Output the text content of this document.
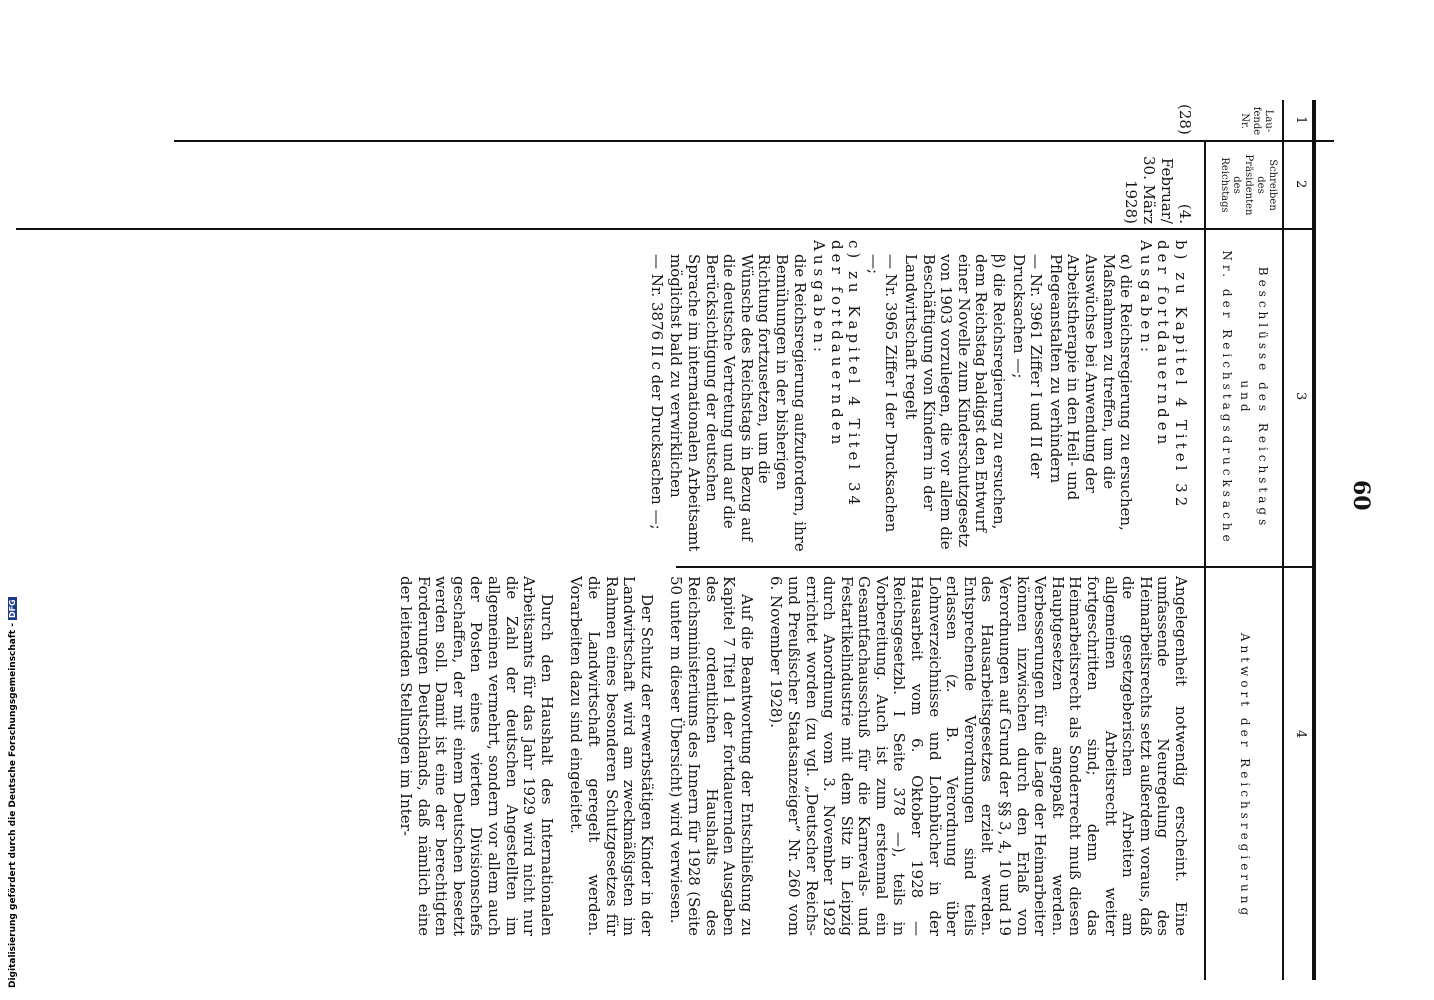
60
1
2
3
4
Lau-
fende
Nr.
Schreiben
des
Präsidenten
des
Reichstags
Beschlüsse des Reichstags
und
Nr. der Reichstagsdrucksache
Antwort der Reichsregierung
(28)
(4. Februar/
30. März
1928)

b) zu Kapitel 4 Titel 32 der fortdauernden Ausgaben:

α) die Reichsregierung zu ersuchen, Maßnahmen zu treffen, um die Auswüchse bei Anwendung der Arbeitstherapie in den Heil- und Pflegeanstalten zu verhindern

— Nr. 3961 Ziffer I und II der Drucksachen —;

β) die Reichsregierung zu ersuchen, dem Reichstag baldigst den Entwurf einer Novelle zum Kinderschutzgesetz von 1903 vorzulegen, die vor allem die Beschäftigung von Kindern in der Landwirtschaft regelt

— Nr. 3965 Ziffer I der Drucksachen —;

c) zu Kapitel 4 Titel 34 der fortdauernden Ausgaben:

die Reichsregierung aufzufordern, ihre Bemühungen in der bisherigen Richtung fortzusetzen, um die Wünsche des Reichstags in Bezug auf die deutsche Vertretung und auf die Berücksichtigung der deutschen Sprache im internationalen Arbeitsamt möglichst bald zu verwirklichen

— Nr. 3876 II c der Drucksachen —;

Angelegenheit notwendig erscheint. Eine umfassende Neuregelung des Heimarbeitsrechts setzt außerdem voraus, daß die gesetzgeberischen Arbeiten am allgemeinen Arbeitsrecht weiter fortgeschritten sind; denn das Heimarbeitsrecht als Sonderrecht muß diesen Hauptgesetzen angepaßt werden. Verbesserungen für die Lage der Heimarbeiter können inzwischen durch den Erlaß von Verordnungen auf Grund der §§ 3, 4, 10 und 19 des Hausarbeitsgesetzes erzielt werden. Entsprechende Verordnungen sind teils erlassen (z. B. Verordnung über Lohnverzeichnisse und Lohnbücher in der Hausarbeit vom 6. Oktober 1928 — Reichsgesetzbl. I Seite 378 —), teils in Vorbereitung. Auch ist zum erstenmal ein Gesamtfachausschuß für die Karnevals- und Festartikelindustrie mit dem Sitz in Leipzig durch Anordnung vom 3. November 1928 errichtet worden (zu vgl. „Deutscher Reichs- und Preußischer Staatsanzeiger“ Nr. 260 vom 6. November 1928).

Auf die Beantwortung der Entschließung zu Kapitel 7 Titel 1 der fortdauernden Ausgaben des ordentlichen Haushalts des Reichsministeriums des Innern für 1928 (Seite 50 unter m dieser Übersicht) wird verwiesen.

Der Schutz der erwerbstätigen Kinder in der Landwirtschaft wird am zweckmäßigsten im Rahmen eines besonderen Schutzgesetzes für die Landwirtschaft geregelt werden. Vorarbeiten dazu sind eingeleitet.

Durch den Haushalt des Internationalen Arbeitsamts für das Jahr 1929 wird nicht nur die Zahl der deutschen Angestellten im allgemeinen vermehrt, sondern vor allem auch der Posten eines vierten Divisionschefs geschaffen, der mit einem Deutschen besetzt werden soll. Damit ist eine der berechtigten Forderungen Deutschlands, daß nämlich eine der leitenden Stellungen im Inter-

Digitalisierung gefördert durch die Deutsche Forschungsgemeinschaft -DFG
